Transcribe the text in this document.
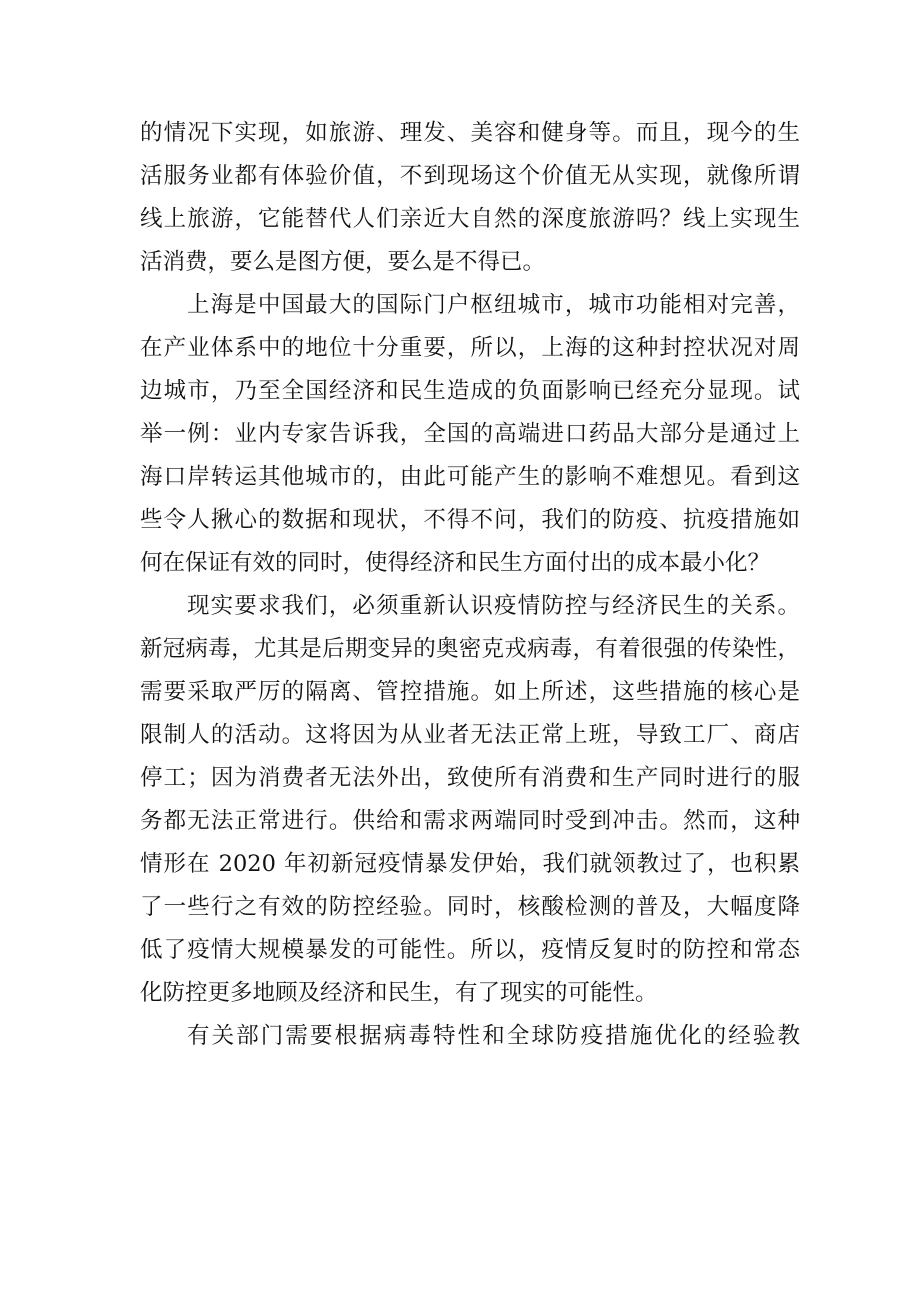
的情况下实现，如旅游、理发、美容和健身等。而且，现今的生
活服务业都有体验价值，不到现场这个价值无从实现，就像所谓
线上旅游，它能替代人们亲近大自然的深度旅游吗？线上实现生
活消费，要么是图方便，要么是不得已。
上海是中国最大的国际门户枢纽城市，城市功能相对完善，
在产业体系中的地位十分重要，所以，上海的这种封控状况对周
边城市，乃至全国经济和民生造成的负面影响已经充分显现。试
举一例：业内专家告诉我，全国的高端进口药品大部分是通过上
海口岸转运其他城市的，由此可能产生的影响不难想见。看到这
些令人揪心的数据和现状，不得不问，我们的防疫、抗疫措施如
何在保证有效的同时，使得经济和民生方面付出的成本最小化？
现实要求我们，必须重新认识疫情防控与经济民生的关系。
新冠病毒，尤其是后期变异的奥密克戎病毒，有着很强的传染性，
需要采取严厉的隔离、管控措施。如上所述，这些措施的核心是
限制人的活动。这将因为从业者无法正常上班，导致工厂、商店
停工；因为消费者无法外出，致使所有消费和生产同时进行的服
务都无法正常进行。供给和需求两端同时受到冲击。然而，这种
情形在 2020 年初新冠疫情暴发伊始，我们就领教过了，也积累
了一些行之有效的防控经验。同时，核酸检测的普及，大幅度降
低了疫情大规模暴发的可能性。所以，疫情反复时的防控和常态
化防控更多地顾及经济和民生，有了现实的可能性。
有关部门需要根据病毒特性和全球防疫措施优化的经验教
